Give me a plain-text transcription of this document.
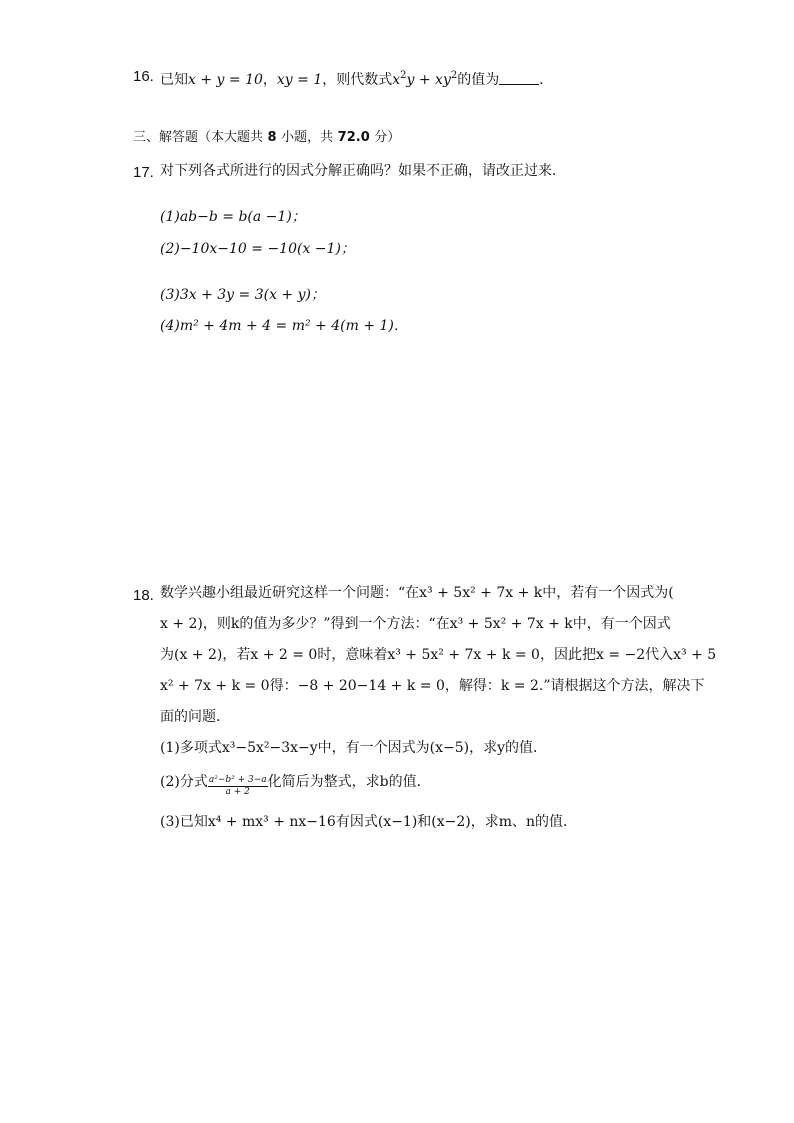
16. 已知x + y = 10，xy = 1，则代数式$x^2y + xy^2$的值为	．
三、解答题（本大题共 8 小题，共 72.0 分）
17. 对下列各式所进行的因式分解正确吗？如果不正确，请改正过来．
(1)ab−b = b(a −1)；
(2)−10x−10 = −10(x −1)；
(3)3x + 3y = 3(x + y)；
(4)m² + 4m + 4 = m² + 4(m + 1)．
18. 数学兴趣小组最近研究这样一个问题：“在x³ + 5x² + 7x + k中，若有一个因式为(
x + 2)，则k的值为多少？”得到一个方法：“在x³ + 5x² + 7x + k中，有一个因式
为(x + 2)，若x + 2 = 0时，意味着x³ + 5x² + 7x + k = 0，因此把x = −2代入x³ + 5
x² + 7x + k = 0得：−8 + 20−14 + k = 0，解得：k = 2.”请根据这个方法，解决下
面的问题．
(1)多项式x³−5x²−3x−y中，有一个因式为(x−5)，求y的值．
(2)分式 $\frac{\text{a²−b² + 3−a}}{a + 2}$ 化简后为整式，求b的值．
(3)已知x⁴ + mx³ + nx−16有因式(x−1)和(x−2)，求m、n的值．
